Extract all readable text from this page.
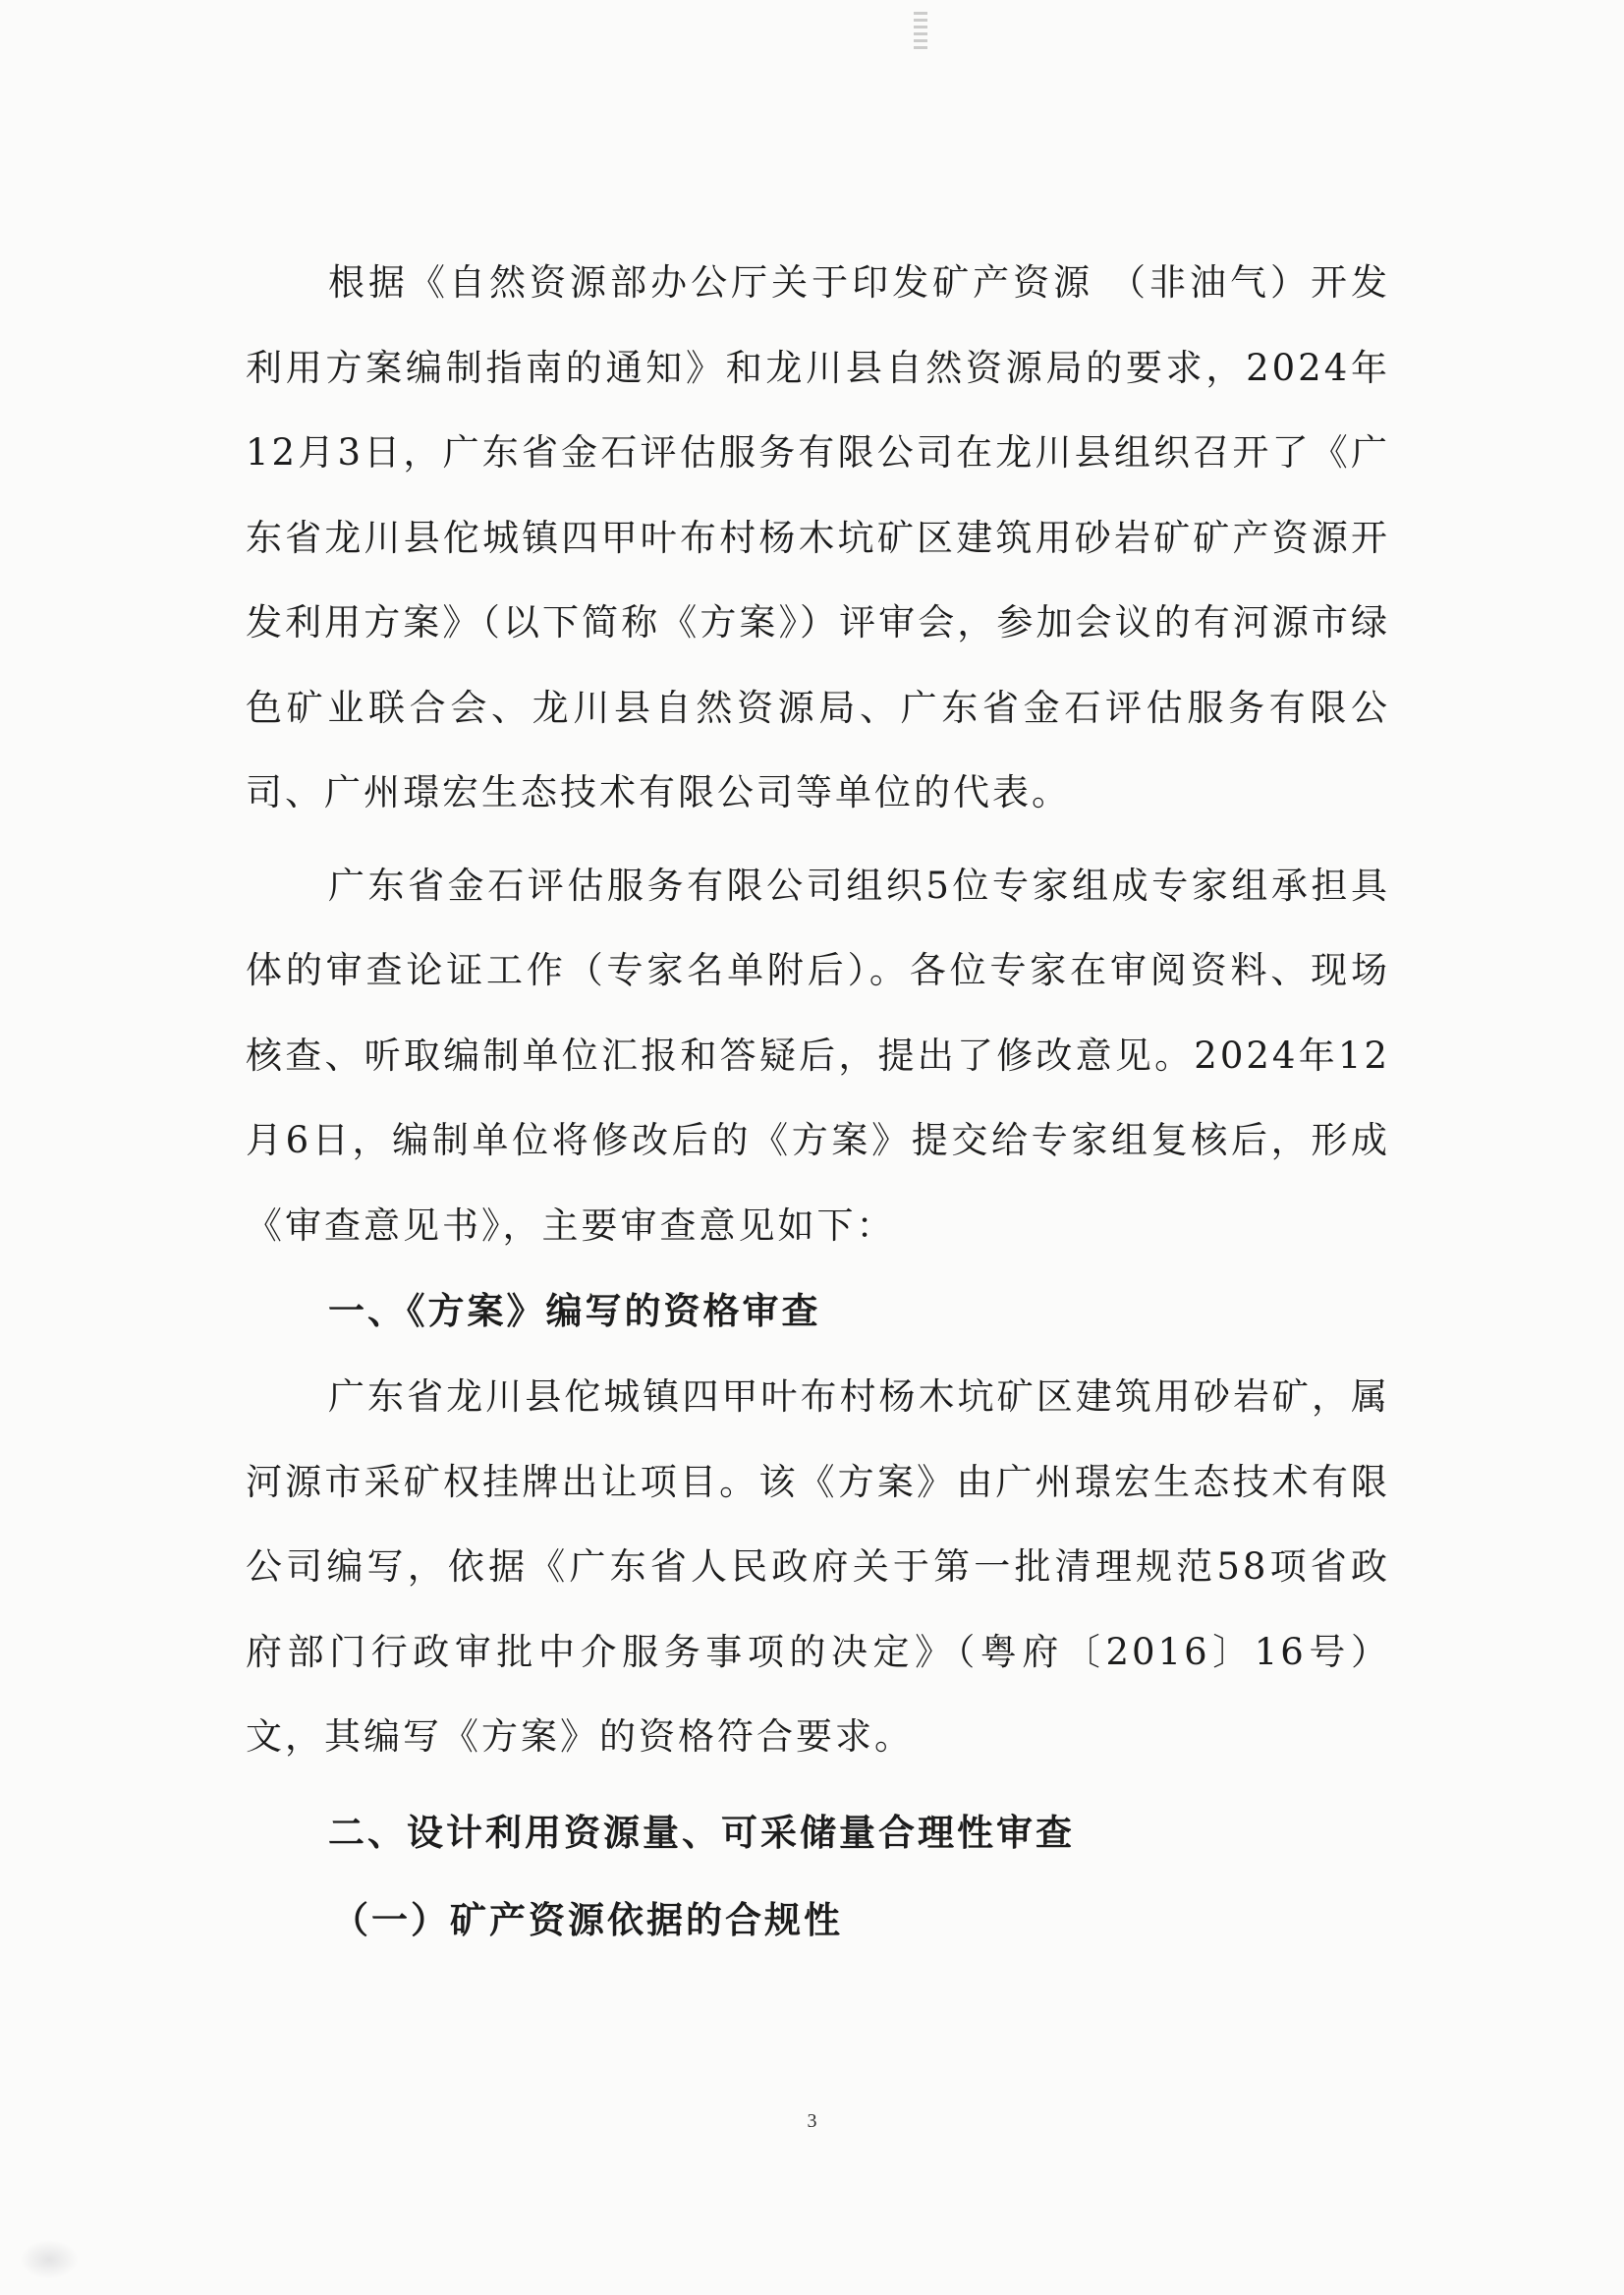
根据《自然资源部办公厅关于印发矿产资源 （非油气）开发利用方案编制指南的通知》和龙川县自然资源局的要求，2024年12月3日，广东省金石评估服务有限公司在龙川县组织召开了《广东省龙川县佗城镇四甲叶布村杨木坑矿区建筑用砂岩矿矿产资源开发利用方案》（以下简称《方案》）评审会，参加会议的有河源市绿色矿业联合会、龙川县自然资源局、广东省金石评估服务有限公司、广州璟宏生态技术有限公司等单位的代表。

广东省金石评估服务有限公司组织5位专家组成专家组承担具体的审查论证工作（专家名单附后）。各位专家在审阅资料、现场核查、听取编制单位汇报和答疑后，提出了修改意见。2024年12月6日，编制单位将修改后的《方案》提交给专家组复核后，形成《审查意见书》，主要审查意见如下：

一、《方案》编写的资格审查

广东省龙川县佗城镇四甲叶布村杨木坑矿区建筑用砂岩矿，属河源市采矿权挂牌出让项目。该《方案》由广州璟宏生态技术有限公司编写，依据《广东省人民政府关于第一批清理规范58项省政府部门行政审批中介服务事项的决定》（粤府〔2016〕16号）文，其编写《方案》的资格符合要求。

二、设计利用资源量、可采储量合理性审查
（一）矿产资源依据的合规性
3
